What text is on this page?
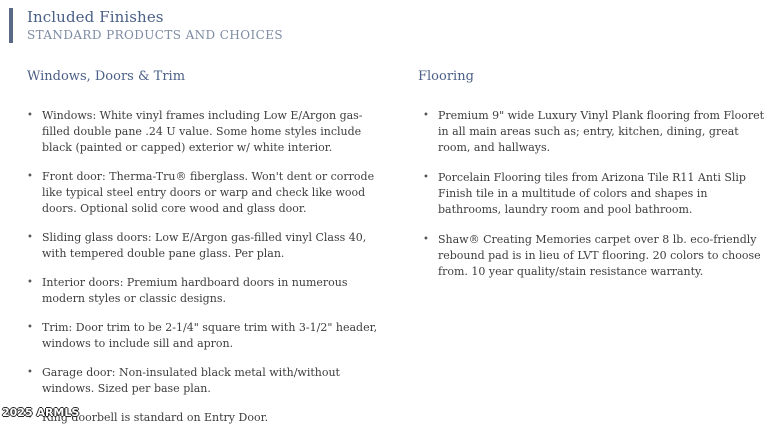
Included Finishes
STANDARD PRODUCTS AND CHOICES
Windows, Doors & Trim
• Windows: White vinyl frames including Low E/Argon gas-filled double pane .24 U value. Some home styles include black (painted or capped) exterior w/ white interior.
• Front door: Therma-Tru® fiberglass. Won't dent or corrode like typical steel entry doors or warp and check like wood doors. Optional solid core wood and glass door.
• Sliding glass doors: Low E/Argon gas-filled vinyl Class 40, with tempered double pane glass. Per plan.
• Interior doors: Premium hardboard doors in numerous modern styles or classic designs.
• Trim: Door trim to be 2-1/4" square trim with 3-1/2" header, windows to include sill and apron.
• Garage door: Non-insulated black metal with/without windows. Sized per base plan.
• Ring doorbell is standard on Entry Door.
Flooring
• Premium 9" wide Luxury Vinyl Plank flooring from Flooret in all main areas such as; entry, kitchen, dining, great room, and hallways.
• Porcelain Flooring tiles from Arizona Tile R11 Anti Slip Finish tile in a multitude of colors and shapes in bathrooms, laundry room and pool bathroom.
• Shaw® Creating Memories carpet over 8 lb. eco-friendly rebound pad is in lieu of LVT flooring. 20 colors to choose from. 10 year quality/stain resistance warranty.
2025 ARMLS
